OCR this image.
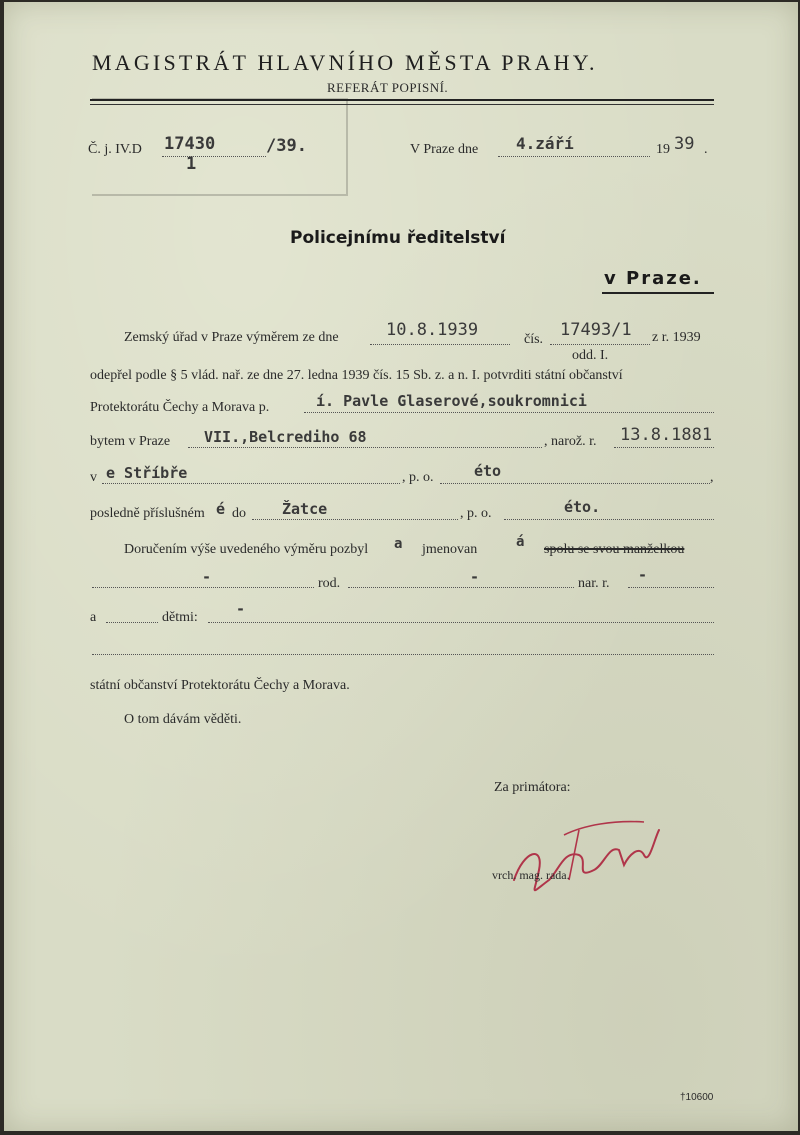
MAGISTRÁT HLAVNÍHO MĚSTA PRAHY.
REFERÁT POPISNÍ.
Č. j. IV.D 17430
1
/39.	V Praze dne 4.září	19 39 .
Policejnímu ředitelství
v Praze.
Zemský úřad v Praze výměrem ze dne	10.8.1939	čís. 17493/1 z r. 1939
odd. I.
odepřel podle § 5 vlád. nař. ze dne 27. ledna 1939 čís. 15 Sb. z. a n. I. potvrditi státní občanství
Protektorátu Čechy a Morava p.	í. Pavle Glaserové,soukromnici
bytem v Praze VII.,Belcrediho 68	, narož. r. 13.8.1881
v e Stříbře	, p. o.	éto	,
posledně příslušném é do Žatce	, p. o.	éto.
Doručením výše uvedeného výměru pozbyl a jmenovan	á spolu se svou manželkou
-	rod.	-	nar. r. -
a	dětmi:	-
státní občanství Protektorátu Čechy a Morava.
O tom dávám věděti.
Za primátora:
vrch. mag. rada.
†10600
